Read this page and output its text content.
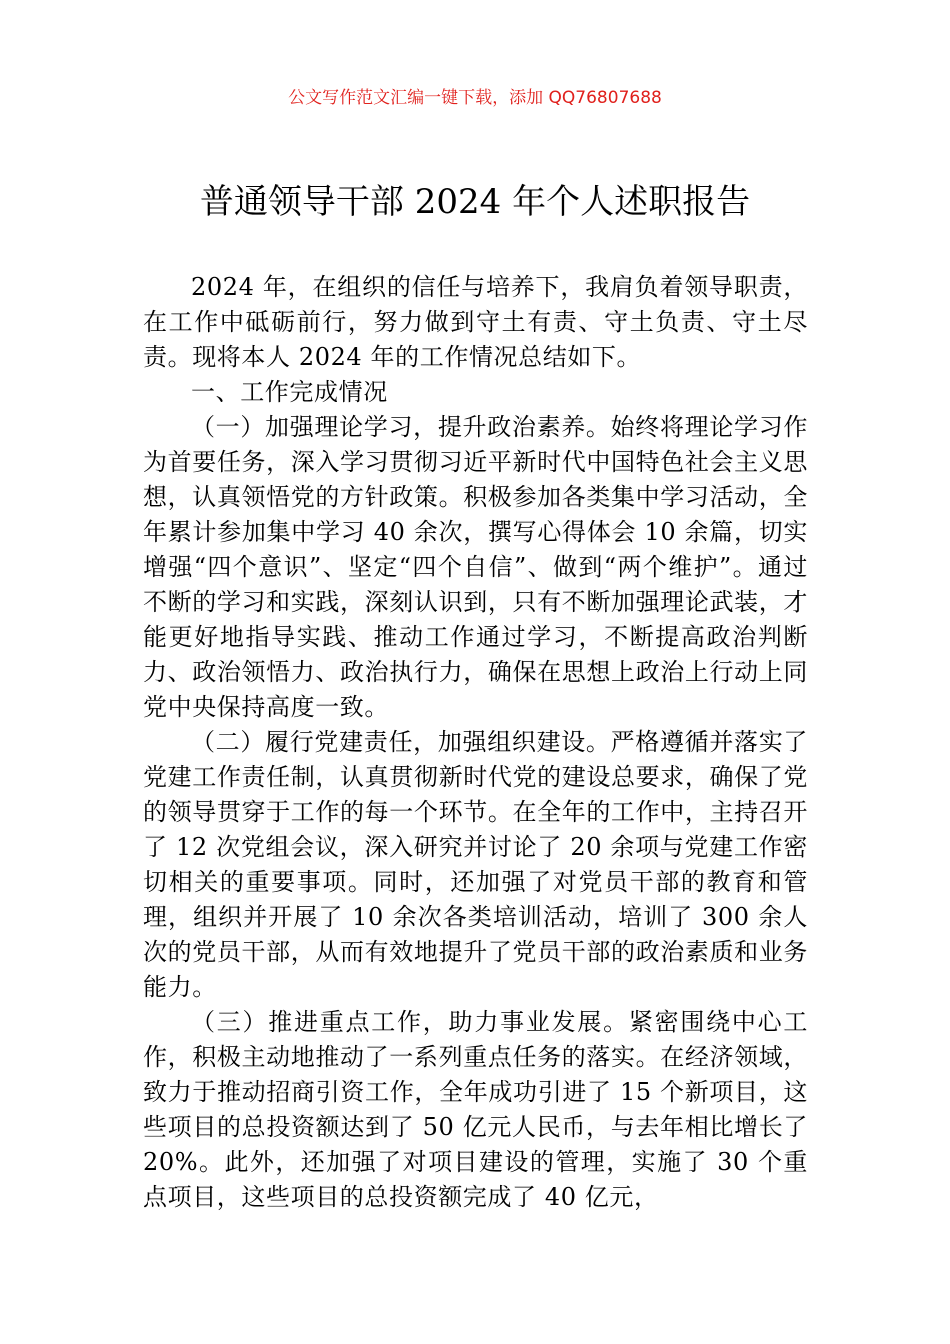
公文写作范文汇编一键下载，添加 QQ76807688
普通领导干部 2024 年个人述职报告

2024 年，在组织的信任与培养下，我肩负着领导职责，在工作中砥砺前行，努力做到守土有责、守土负责、守土尽责。现将本人 2024 年的工作情况总结如下。

一、工作完成情况

（一）加强理论学习，提升政治素养。始终将理论学习作为首要任务，深入学习贯彻习近平新时代中国特色社会主义思想，认真领悟党的方针政策。积极参加各类集中学习活动，全年累计参加集中学习 40 余次，撰写心得体会 10 余篇，切实增强“四个意识”、坚定“四个自信”、做到“两个维护”。通过不断的学习和实践，深刻认识到，只有不断加强理论武装，才能更好地指导实践、推动工作通过学习，不断提高政治判断力、政治领悟力、政治执行力，确保在思想上政治上行动上同党中央保持高度一致。

（二）履行党建责任，加强组织建设。严格遵循并落实了党建工作责任制，认真贯彻新时代党的建设总要求，确保了党的领导贯穿于工作的每一个环节。在全年的工作中，主持召开了 12 次党组会议，深入研究并讨论了 20 余项与党建工作密切相关的重要事项。同时，还加强了对党员干部的教育和管理，组织并开展了 10 余次各类培训活动，培训了 300 余人次的党员干部，从而有效地提升了党员干部的政治素质和业务能力。

（三）推进重点工作，助力事业发展。紧密围绕中心工作，积极主动地推动了一系列重点任务的落实。在经济领域，致力于推动招商引资工作，全年成功引进了 15 个新项目，这些项目的总投资额达到了 50 亿元人民币，与去年相比增长了 20%。此外，还加强了对项目建设的管理，实施了 30 个重点项目，这些项目的总投资额完成了 40 亿元，
